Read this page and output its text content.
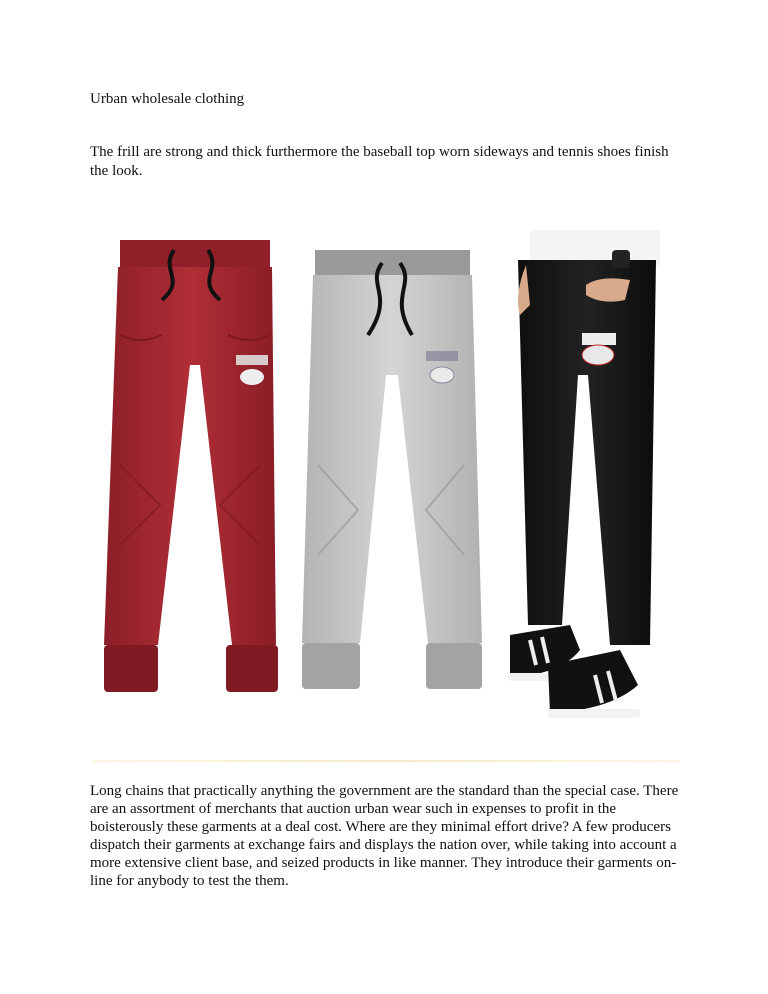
Urban wholesale clothing

The frill are strong and thick furthermore the baseball top worn sideways and tennis shoes finish the look.

Long chains that practically anything the government are the standard than the special case. There are an assortment of merchants that auction urban wear such in expenses to profit in the boisterously these garments at a deal cost. Where are they minimal effort drive? A few producers dispatch their garments at exchange fairs and displays the nation over, while taking into account a more extensive client base, and seized products in like manner. They introduce their garments on-line for anybody to test the them.
